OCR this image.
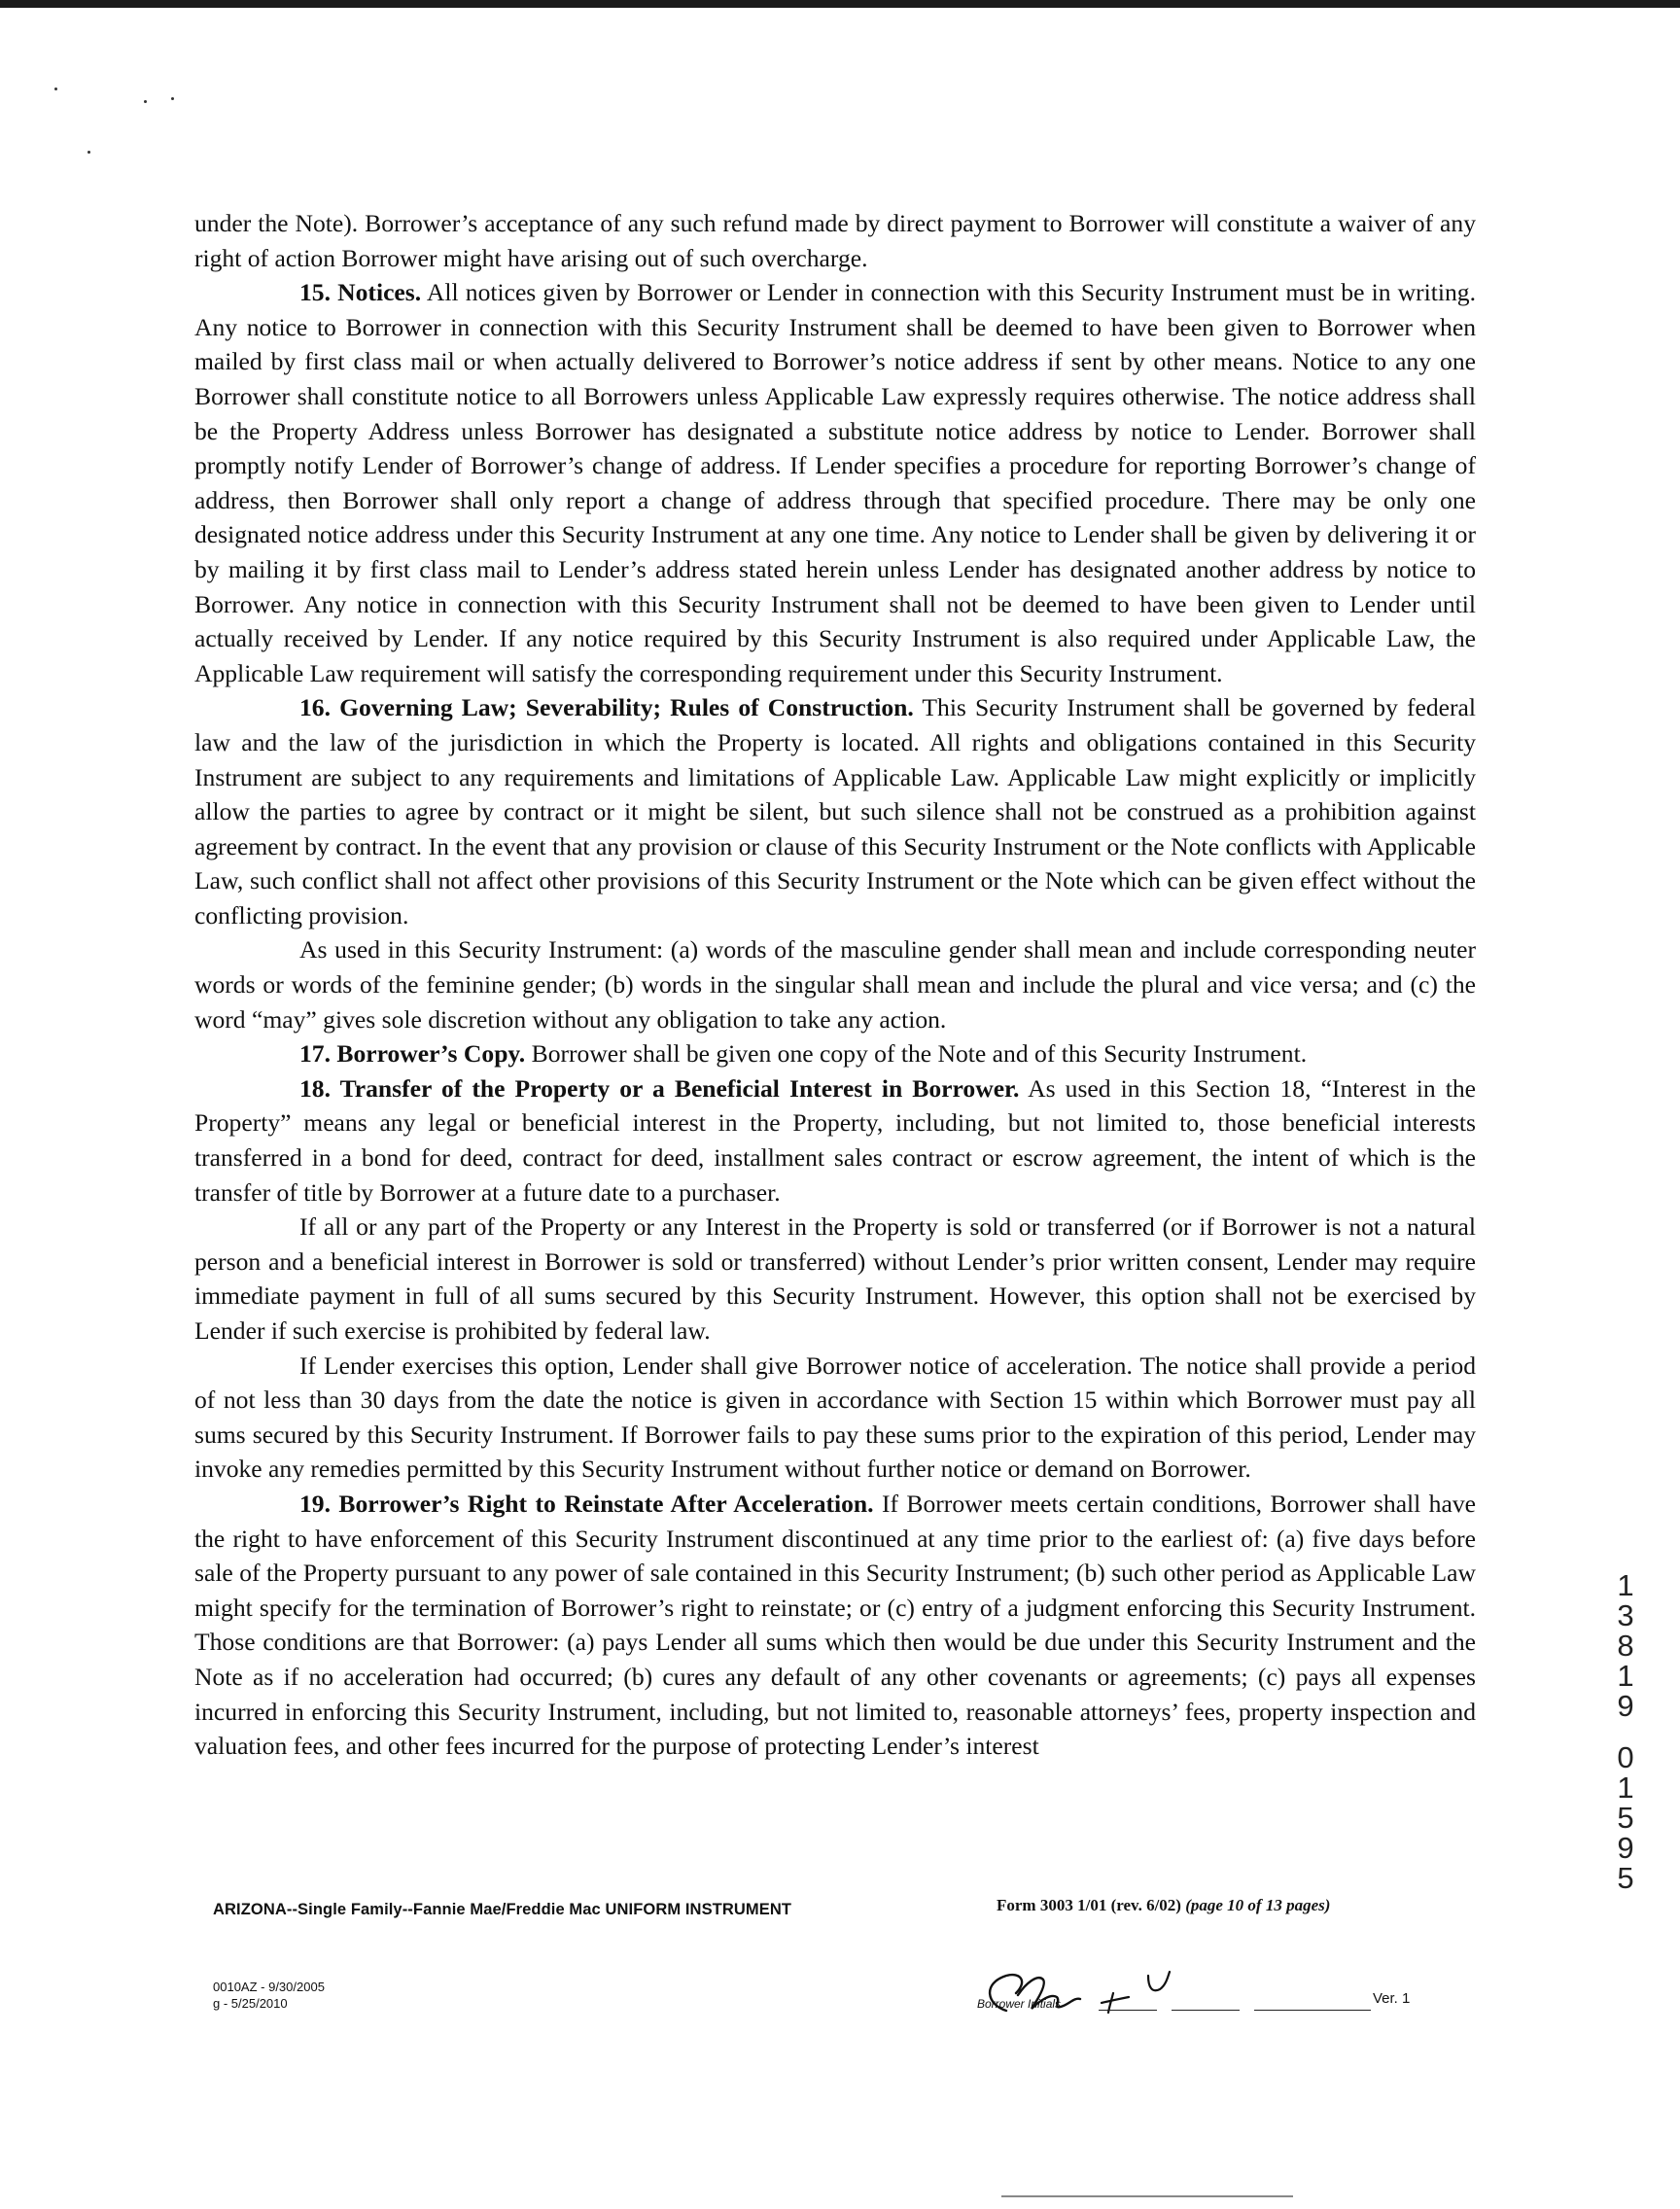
under the Note). Borrower’s acceptance of any such refund made by direct payment to Borrower will constitute a waiver of any right of action Borrower might have arising out of such overcharge.

15. Notices. All notices given by Borrower or Lender in connection with this Security Instrument must be in writing. Any notice to Borrower in connection with this Security Instrument shall be deemed to have been given to Borrower when mailed by first class mail or when actually delivered to Borrower’s notice address if sent by other means. Notice to any one Borrower shall constitute notice to all Borrowers unless Applicable Law expressly requires otherwise. The notice address shall be the Property Address unless Borrower has designated a substitute notice address by notice to Lender. Borrower shall promptly notify Lender of Borrower’s change of address. If Lender specifies a procedure for reporting Borrower’s change of address, then Borrower shall only report a change of address through that specified procedure. There may be only one designated notice address under this Security Instrument at any one time. Any notice to Lender shall be given by delivering it or by mailing it by first class mail to Lender’s address stated herein unless Lender has designated another address by notice to Borrower. Any notice in connection with this Security Instrument shall not be deemed to have been given to Lender until actually received by Lender. If any notice required by this Security Instrument is also required under Applicable Law, the Applicable Law requirement will satisfy the corresponding requirement under this Security Instrument.

16. Governing Law; Severability; Rules of Construction. This Security Instrument shall be governed by federal law and the law of the jurisdiction in which the Property is located. All rights and obligations contained in this Security Instrument are subject to any requirements and limitations of Applicable Law. Applicable Law might explicitly or implicitly allow the parties to agree by contract or it might be silent, but such silence shall not be construed as a prohibition against agreement by contract. In the event that any provision or clause of this Security Instrument or the Note conflicts with Applicable Law, such conflict shall not affect other provisions of this Security Instrument or the Note which can be given effect without the conflicting provision.

As used in this Security Instrument: (a) words of the masculine gender shall mean and include corresponding neuter words or words of the feminine gender; (b) words in the singular shall mean and include the plural and vice versa; and (c) the word “may” gives sole discretion without any obligation to take any action.

17. Borrower’s Copy. Borrower shall be given one copy of the Note and of this Security Instrument.

18. Transfer of the Property or a Beneficial Interest in Borrower. As used in this Section 18, “Interest in the Property” means any legal or beneficial interest in the Property, including, but not limited to, those beneficial interests transferred in a bond for deed, contract for deed, installment sales contract or escrow agreement, the intent of which is the transfer of title by Borrower at a future date to a purchaser.

If all or any part of the Property or any Interest in the Property is sold or transferred (or if Borrower is not a natural person and a beneficial interest in Borrower is sold or transferred) without Lender’s prior written consent, Lender may require immediate payment in full of all sums secured by this Security Instrument. However, this option shall not be exercised by Lender if such exercise is prohibited by federal law.

If Lender exercises this option, Lender shall give Borrower notice of acceleration. The notice shall provide a period of not less than 30 days from the date the notice is given in accordance with Section 15 within which Borrower must pay all sums secured by this Security Instrument. If Borrower fails to pay these sums prior to the expiration of this period, Lender may invoke any remedies permitted by this Security Instrument without further notice or demand on Borrower.

19. Borrower’s Right to Reinstate After Acceleration. If Borrower meets certain conditions, Borrower shall have the right to have enforcement of this Security Instrument discontinued at any time prior to the earliest of: (a) five days before sale of the Property pursuant to any power of sale contained in this Security Instrument; (b) such other period as Applicable Law might specify for the termination of Borrower’s right to reinstate; or (c) entry of a judgment enforcing this Security Instrument. Those conditions are that Borrower: (a) pays Lender all sums which then would be due under this Security Instrument and the Note as if no acceleration had occurred; (b) cures any default of any other covenants or agreements; (c) pays all expenses incurred in enforcing this Security Instrument, including, but not limited to, reasonable attorneys’ fees, property inspection and valuation fees, and other fees incurred for the purpose of protecting Lender’s interest

1
3
8
1
9
0
1
5
9
5
ARIZONA--Single Family--Fannie Mae/Freddie Mac UNIFORM INSTRUMENT	Form 3003 1/01 (rev. 6/02) (page 10 of 13 pages)
0010AZ - 9/30/2005
g - 5/25/2010	Borrower Initials	Ver. 1
